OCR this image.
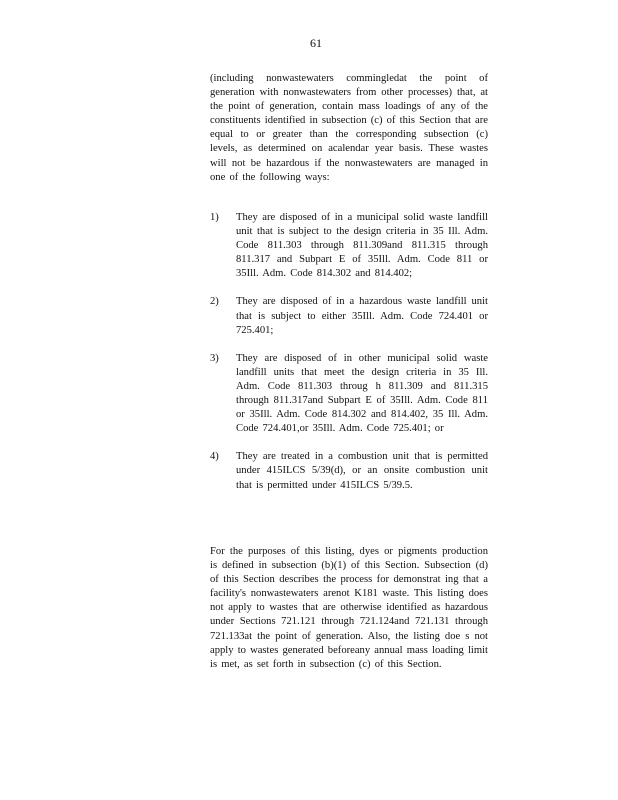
61

(including nonwastewaters commingledat the point of generation with nonwastewaters from other processes) that, at the point of generation, contain mass loadings of any of the constituents identified in subsection (c) of this Section that are equal to or greater than the corresponding subsection (c) levels, as determined on acalendar year basis. These wastes will not be hazardous if the nonwastewaters are managed in one of the following ways:

1) They are disposed of in a municipal solid waste landfill unit that is subject to the design criteria in 35 Ill. Adm. Code 811.303 through 811.309and 811.315 through 811.317 and Subpart E of 35Ill. Adm. Code 811 or 35Ill. Adm. Code 814.302 and 814.402;
2) They are disposed of in a hazardous waste landfill unit that is subject to either 35Ill. Adm. Code 724.401 or 725.401;
3) They are disposed of in other municipal solid waste landfill units that meet the design criteria in 35 Ill. Adm. Code 811.303 throug h 811.309 and 811.315 through 811.317and Subpart E of 35Ill. Adm. Code 811 or 35Ill. Adm. Code 814.302 and 814.402, 35 Ill. Adm. Code 724.401,or 35Ill. Adm. Code 725.401; or
4) They are treated in a combustion unit that is permitted under 415ILCS 5/39(d), or an onsite combustion unit that is permitted under 415ILCS 5/39.5.

For the purposes of this listing, dyes or pigments production is defined in subsection (b)(1) of this Section. Subsection (d) of this Section describes the process for demonstrat ing that a facility's nonwastewaters arenot K181 waste. This listing does not apply to wastes that are otherwise identified as hazardous under Sections 721.121 through 721.124and 721.131 through 721.133at the point of generation. Also, the listing doe s not apply to wastes generated beforeany annual mass loading limit is met, as set forth in subsection (c) of this Section.
